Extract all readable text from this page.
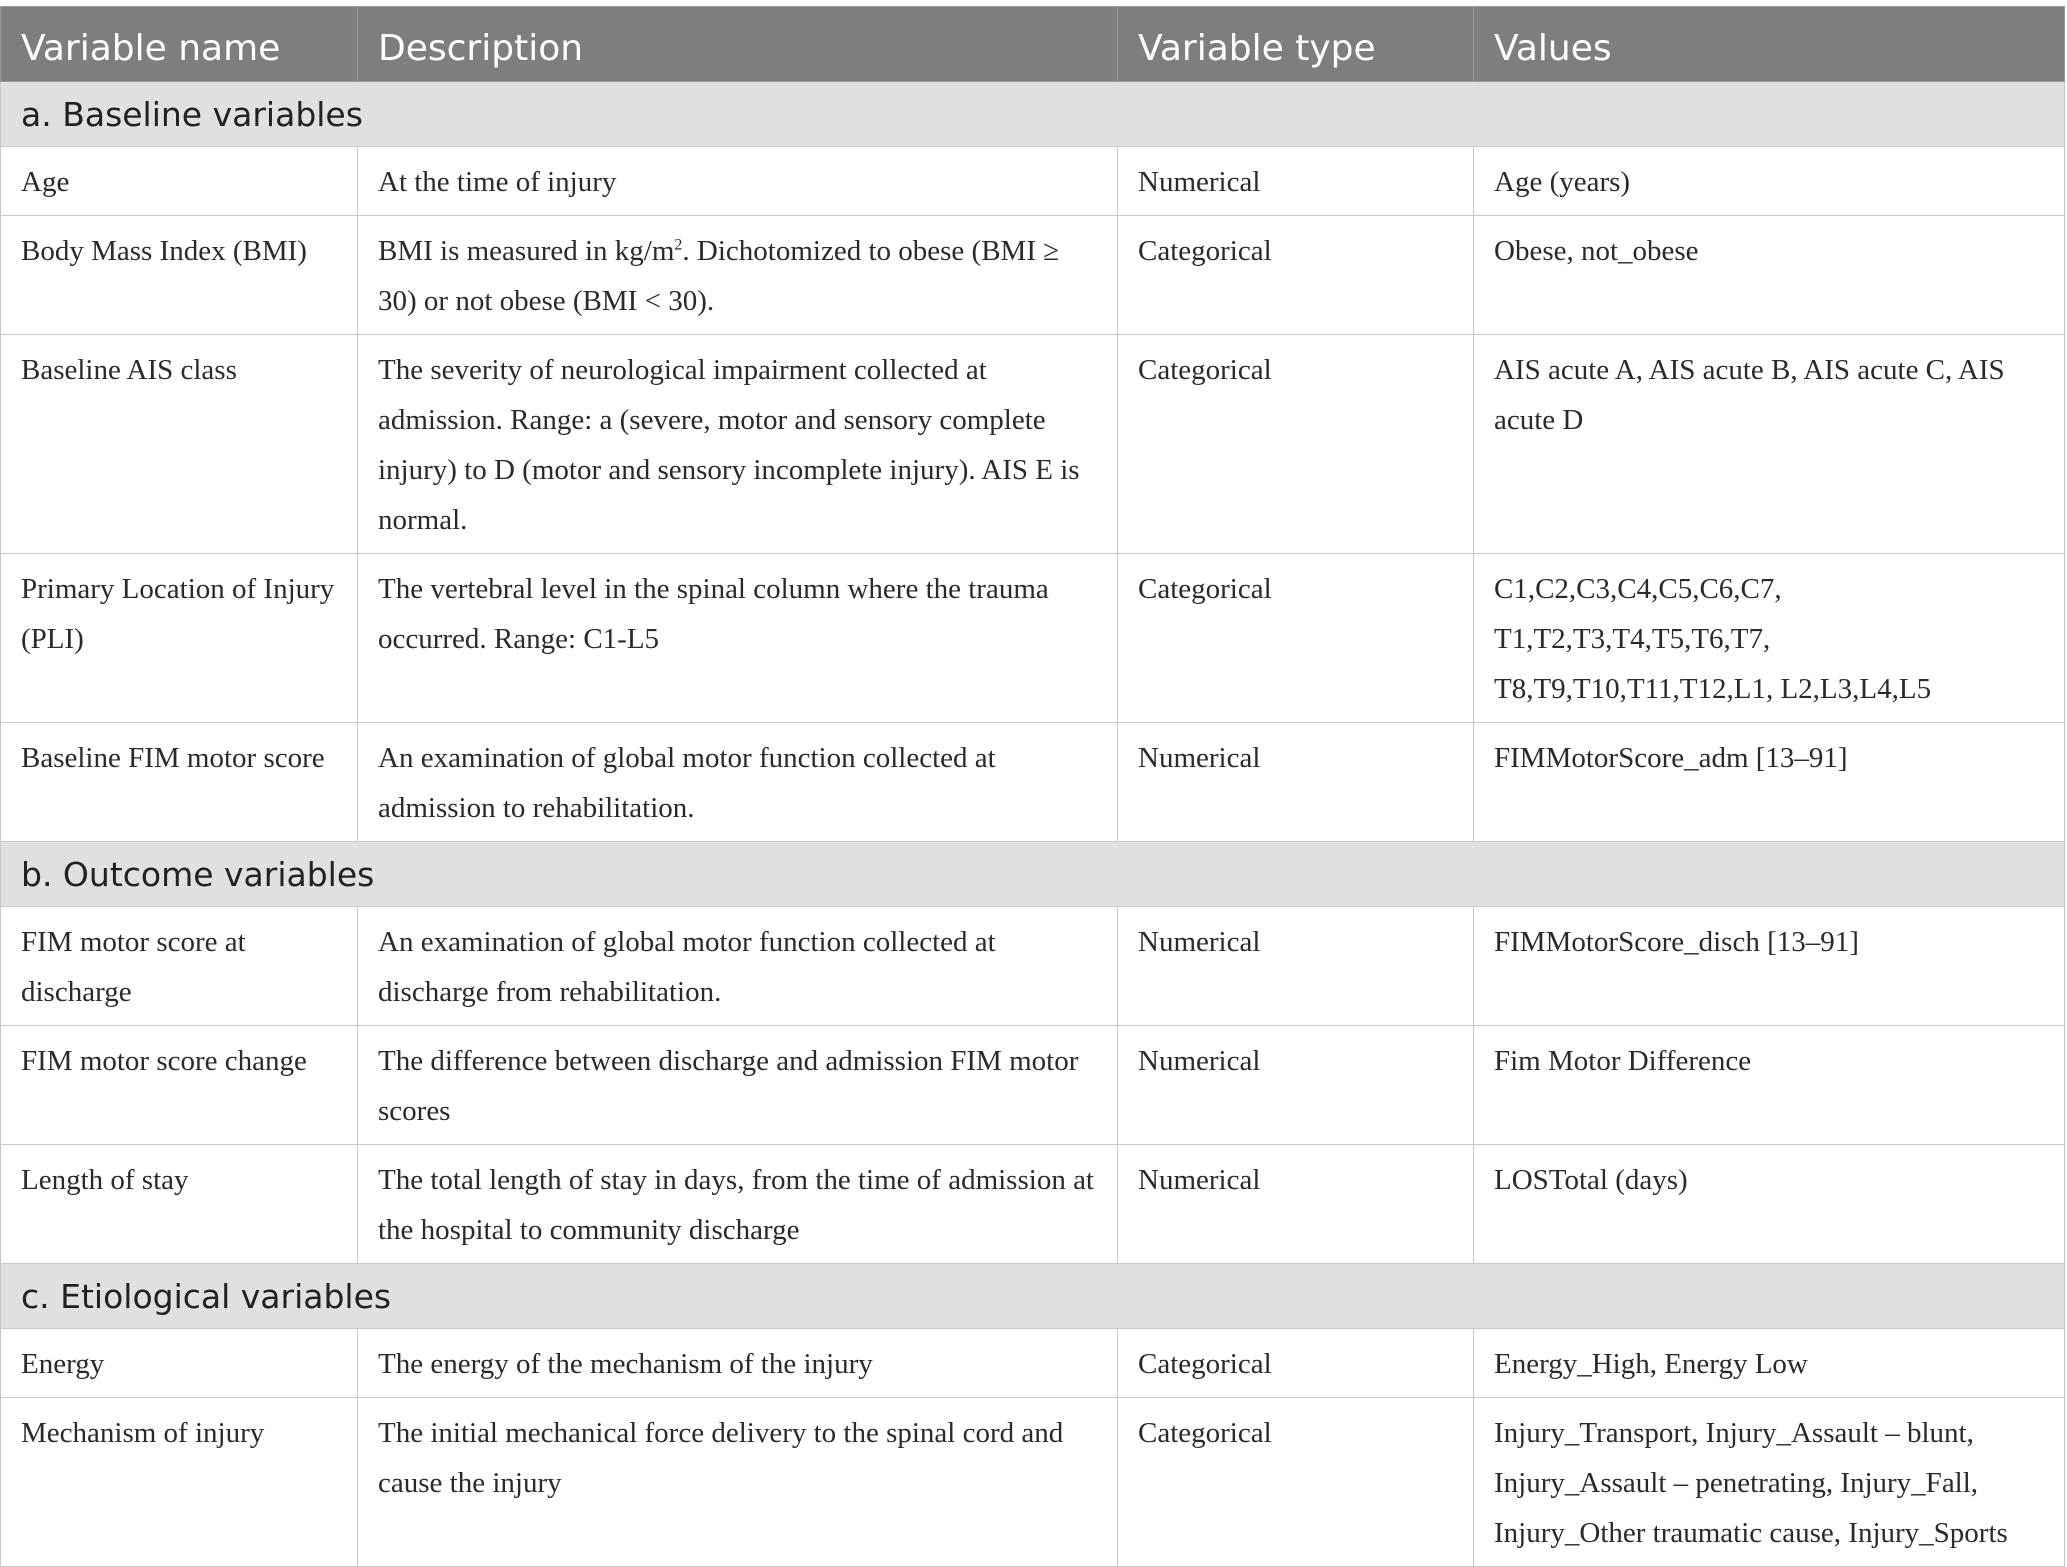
Variable name	Description	Variable type	Values
a. Baseline variables			
Age	At the time of injury	Numerical	Age (years)
Body Mass Index (BMI)	BMI is measured in $kg/m^2$. Dichotomized to obese (BMI ≥ 30) or not obese (BMI < 30).	Categorical	Obese, not_obese
Baseline AIS class	The severity of neurological impairment collected at admission. Range: a (severe, motor and sensory complete injury) to D (motor and sensory incomplete injury). AIS E is normal.	Categorical	AIS acute A, AIS acute B, AIS acute C, AIS acute D
Primary Location of Injury (PLI)	The vertebral level in the spinal column where the trauma occurred. Range: C1-L5	Categorical	C1,C2,C3,C4,C5,C6,C7, T1,T2,T3,T4,T5,T6,T7, T8,T9,T10,T11,T12,L1, L2,L3,L4,L5
Baseline FIM motor score	An examination of global motor function collected at admission to rehabilitation.	Numerical	FIMMotorScore_adm [13–91]
b. Outcome variables			
FIM motor score at discharge	An examination of global motor function collected at discharge from rehabilitation.	Numerical	FIMMotorScore_disch [13–91]
FIM motor score change	The difference between discharge and admission FIM motor scores	Numerical	Fim Motor Difference
Length of stay	The total length of stay in days, from the time of admission at the hospital to community discharge	Numerical	LOSTotal (days)
c. Etiological variables			
Energy	The energy of the mechanism of the injury	Categorical	Energy_High, Energy Low
Mechanism of injury	The initial mechanical force delivery to the spinal cord and cause the injury	Categorical	Injury_Transport, Injury_Assault – blunt, Injury_Assault – penetrating, Injury_Fall, Injury_Other traumatic cause, Injury_Sports
